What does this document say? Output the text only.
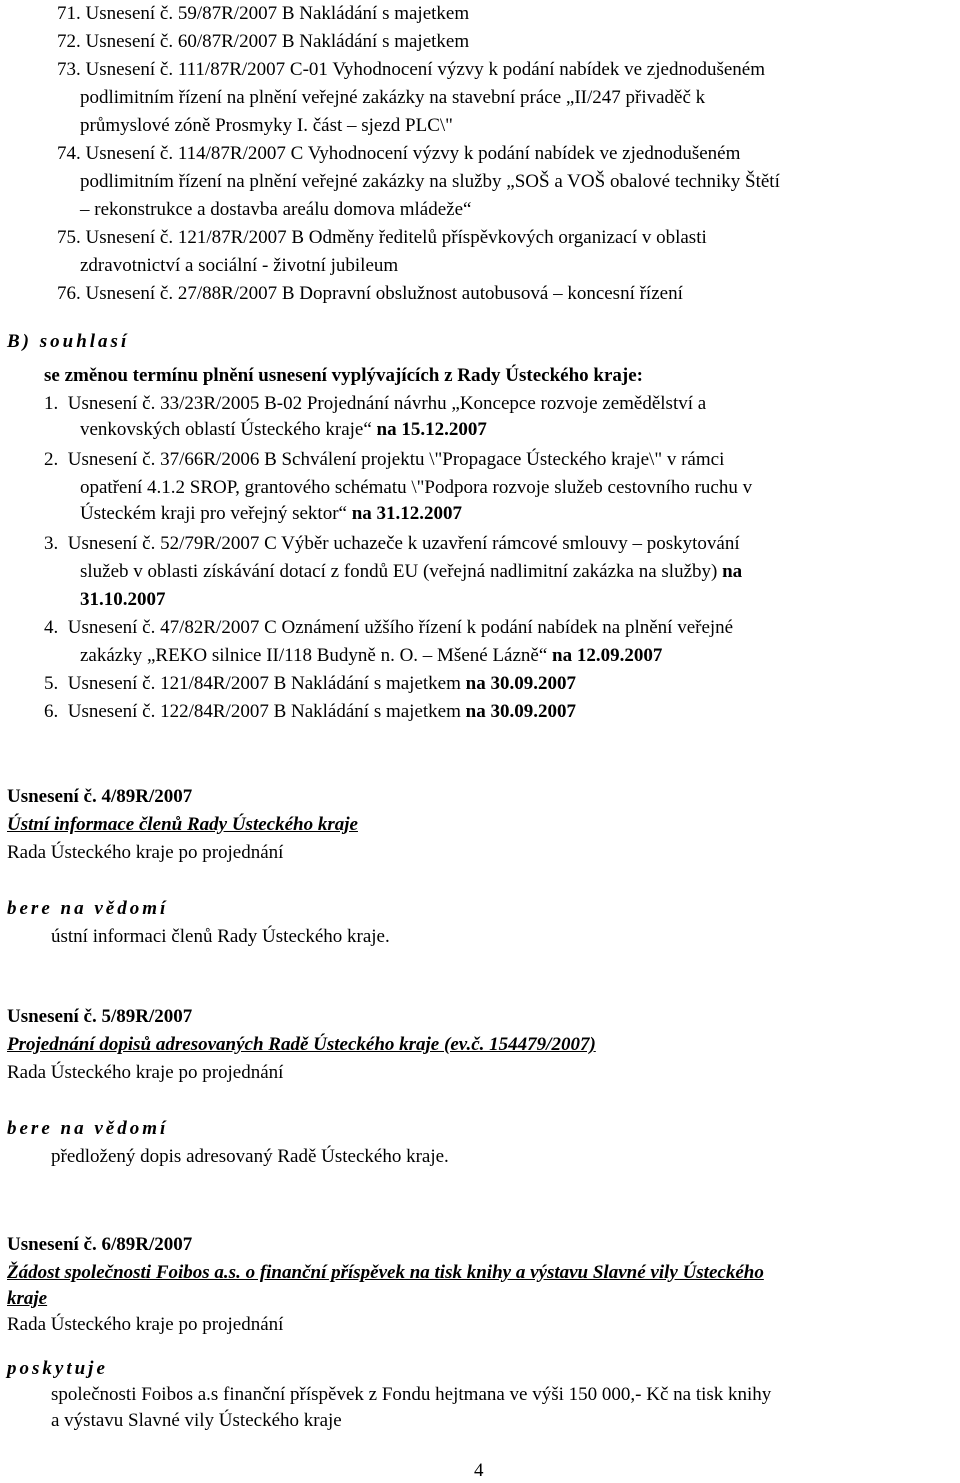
71. Usnesení č. 59/87R/2007 B Nakládání s majetkem
72. Usnesení č. 60/87R/2007 B Nakládání s majetkem
73. Usnesení č. 111/87R/2007 C-01 Vyhodnocení výzvy k podání nabídek ve zjednodušeném
podlimitním řízení na plnění veřejné zakázky na stavební práce „II/247 přivaděč k
průmyslové zóně Prosmyky I. část – sjezd PLC\"
74. Usnesení č. 114/87R/2007 C Vyhodnocení výzvy k podání nabídek ve zjednodušeném
podlimitním řízení na plnění veřejné zakázky na služby „SOŠ a VOŠ obalové techniky Štětí
– rekonstrukce a dostavba areálu domova mládeže“
75. Usnesení č. 121/87R/2007 B Odměny ředitelů příspěvkových organizací v oblasti
zdravotnictví a sociální - životní jubileum
76. Usnesení č. 27/88R/2007 B Dopravní obslužnost autobusová – koncesní řízení
B) souhlasí
se změnou termínu plnění usnesení vyplývajících z Rady Ústeckého kraje:
1. Usnesení č. 33/23R/2005 B-02 Projednání návrhu „Koncepce rozvoje zemědělství a
venkovských oblastí Ústeckého kraje“ na 15.12.2007
2. Usnesení č. 37/66R/2006 B Schválení projektu \"Propagace Ústeckého kraje\" v rámci
opatření 4.1.2 SROP, grantového schématu \"Podpora rozvoje služeb cestovního ruchu v
Ústeckém kraji pro veřejný sektor“ na 31.12.2007
3. Usnesení č. 52/79R/2007 C Výběr uchazeče k uzavření rámcové smlouvy – poskytování
služeb v oblasti získávání dotací z fondů EU (veřejná nadlimitní zakázka na služby) na
31.10.2007
4. Usnesení č. 47/82R/2007 C Oznámení užšího řízení k podání nabídek na plnění veřejné
zakázky „REKO silnice II/118 Budyně n. O. – Mšené Lázně“ na 12.09.2007
5. Usnesení č. 121/84R/2007 B Nakládání s majetkem na 30.09.2007
6. Usnesení č. 122/84R/2007 B Nakládání s majetkem na 30.09.2007
Usnesení č. 4/89R/2007
Ústní informace členů Rady Ústeckého kraje
Rada Ústeckého kraje po projednání
bere na vědomí
ústní informaci členů Rady Ústeckého kraje.
Usnesení č. 5/89R/2007
Projednání dopisů adresovaných Radě Ústeckého kraje (ev.č. 154479/2007)
Rada Ústeckého kraje po projednání
bere na vědomí
předložený dopis adresovaný Radě Ústeckého kraje.
Usnesení č. 6/89R/2007
Žádost společnosti Foibos a.s. o finanční příspěvek na tisk knihy a výstavu Slavné vily Ústeckého
kraje
Rada Ústeckého kraje po projednání
poskytuje
společnosti Foibos a.s finanční příspěvek z Fondu hejtmana ve výši 150 000,- Kč na tisk knihy
a výstavu Slavné vily Ústeckého kraje
4
